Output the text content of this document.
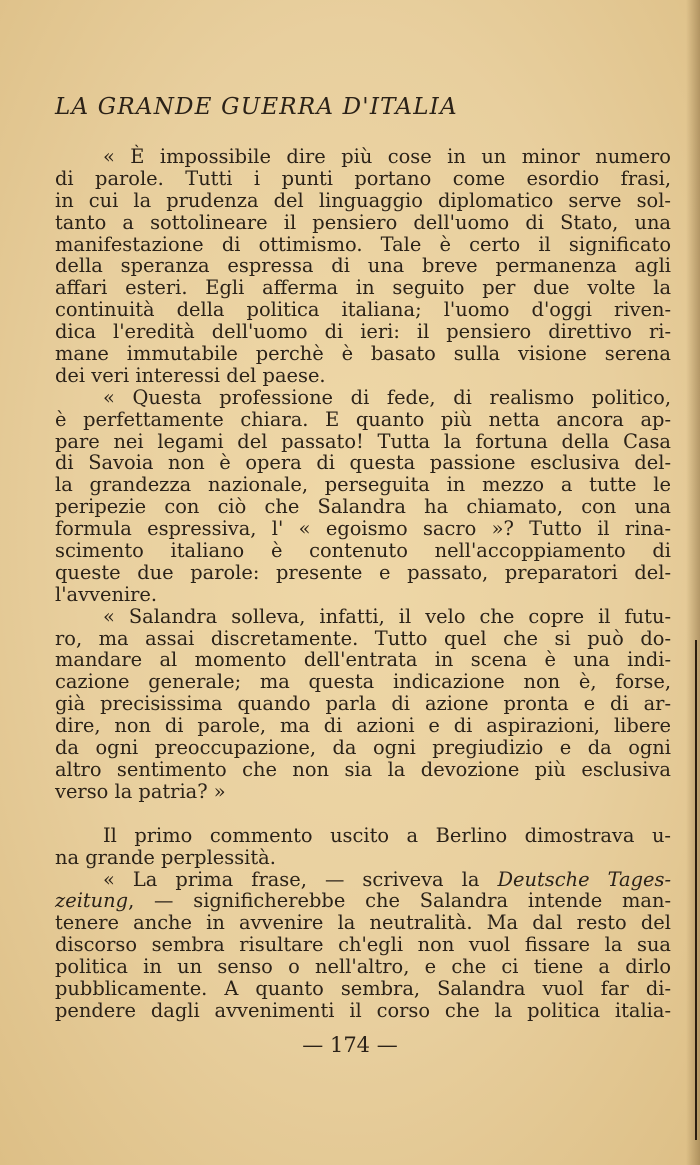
LA GRANDE GUERRA D'ITALIA
« È impossibile dire più cose in un minor numero
di parole. Tutti i punti portano come esordio frasi,
in cui la prudenza del linguaggio diplomatico serve sol-
tanto a sottolineare il pensiero dell'uomo di Stato, una
manifestazione di ottimismo. Tale è certo il significato
della speranza espressa di una breve permanenza agli
affari esteri. Egli afferma in seguito per due volte la
continuità della politica italiana; l'uomo d'oggi riven-
dica l'eredità dell'uomo di ieri: il pensiero direttivo ri-
mane immutabile perchè è basato sulla visione serena
dei veri interessi del paese.
« Questa professione di fede, di realismo politico,
è perfettamente chiara. E quanto più netta ancora ap-
pare nei legami del passato! Tutta la fortuna della Casa
di Savoia non è opera di questa passione esclusiva del-
la grandezza nazionale, perseguita in mezzo a tutte le
peripezie con ciò che Salandra ha chiamato, con una
formula espressiva, l' « egoismo sacro »? Tutto il rina-
scimento italiano è contenuto nell'accoppiamento di
queste due parole: presente e passato, preparatori del-
l'avvenire.
« Salandra solleva, infatti, il velo che copre il futu-
ro, ma assai discretamente. Tutto quel che si può do-
mandare al momento dell'entrata in scena è una indi-
cazione generale; ma questa indicazione non è, forse,
già precisissima quando parla di azione pronta e di ar-
dire, non di parole, ma di azioni e di aspirazioni, libere
da ogni preoccupazione, da ogni pregiudizio e da ogni
altro sentimento che non sia la devozione più esclusiva
verso la patria? »
Il primo commento uscito a Berlino dimostrava u-
na grande perplessità.
« La prima frase, — scriveva la Deutsche Tages-
zeitung, — significherebbe che Salandra intende man-
tenere anche in avvenire la neutralità. Ma dal resto del
discorso sembra risultare ch'egli non vuol fissare la sua
politica in un senso o nell'altro, e che ci tiene a dirlo
pubblicamente. A quanto sembra, Salandra vuol far di-
pendere dagli avvenimenti il corso che la politica italia-

— 174 —
